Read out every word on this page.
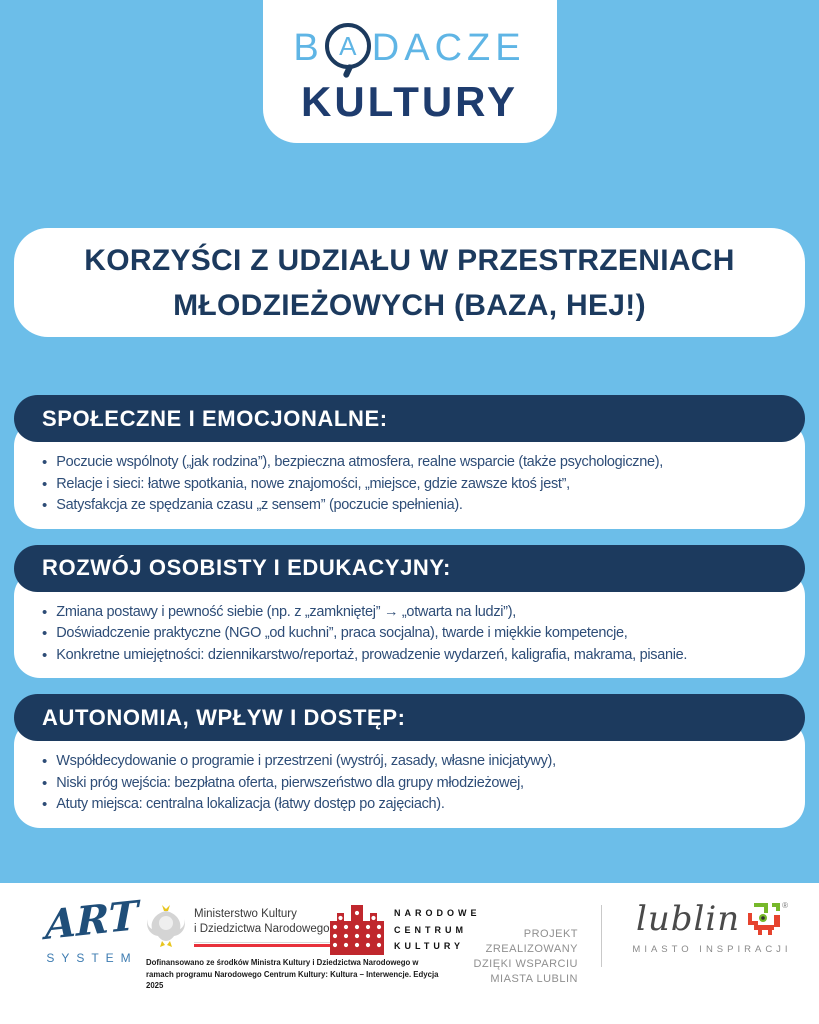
B A DACZE
KULTURY
KORZYŚCI Z UDZIAŁU W PRZESTRZENIACH
MŁODZIEŻOWYCH (BAZA, HEJ!)
SPOŁECZNE I EMOCJONALNE:
• Poczucie wspólnoty („jak rodzina”), bezpieczna atmosfera, realne wsparcie (także psychologiczne),
• Relacje i sieci: łatwe spotkania, nowe znajomości, „miejsce, gdzie zawsze ktoś jest”,
• Satysfakcja ze spędzania czasu „z sensem” (poczucie spełnienia).
ROZWÓJ OSOBISTY I EDUKACYJNY:
• Zmiana postawy i pewność siebie (np. z „zamkniętej” → „otwarta na ludzi”),
• Doświadczenie praktyczne (NGO „od kuchni”, praca socjalna), twarde i miękkie kompetencje,
• Konkretne umiejętności: dziennikarstwo/reportaż, prowadzenie wydarzeń, kaligrafia, makrama, pisanie.
AUTONOMIA, WPŁYW I DOSTĘP:
• Współdecydowanie o programie i przestrzeni (wystrój, zasady, własne inicjatywy),
• Niski próg wejścia: bezpłatna oferta, pierwszeństwo dla grupy młodzieżowej,
• Atuty miejsca: centralna lokalizacja (łatwy dostęp po zajęciach).
ART
SYSTEM
Ministerstwo Kultury
i Dziedzictwa Narodowego
Dofinansowano ze środków Ministra Kultury i Dziedzictwa Narodowego w ramach programu Narodowego Centrum Kultury: Kultura – Interwencje. Edycja 2025
NARODOWE
CENTRUM
KULTURY
PROJEKT ZREALIZOWANY
DZIĘKI WSPARCIU
MIASTA LUBLIN
lublin	®
MIASTO INSPIRACJI
